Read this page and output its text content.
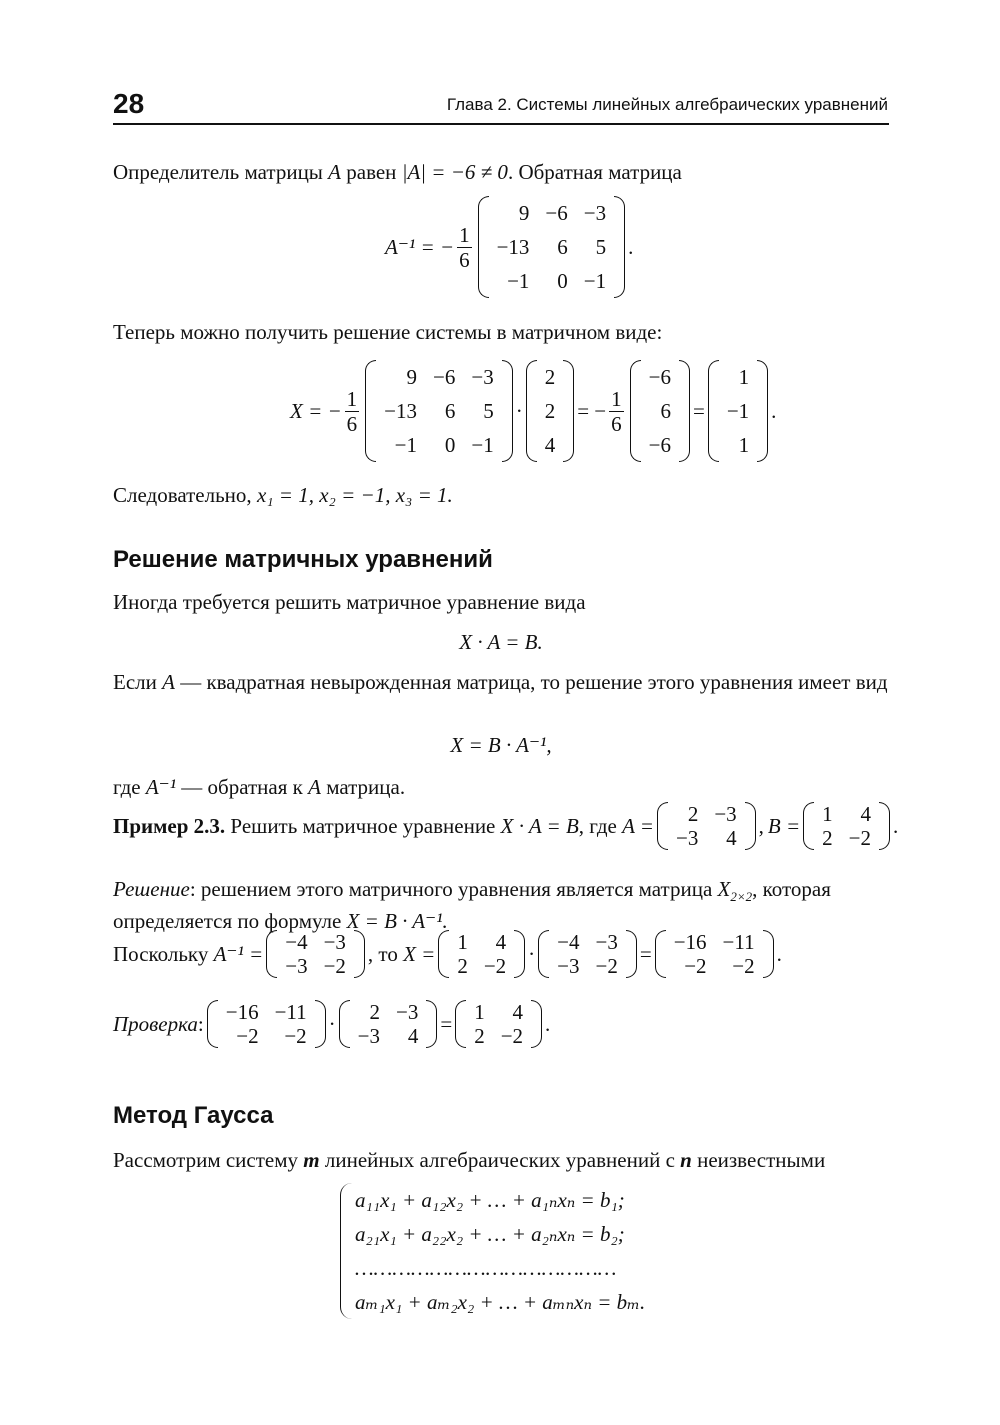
28	Глава 2. Системы линейных алгебраических уравнений
Определитель матрицы A равен |A| = −6 ≠ 0. Обратная матрица
A⁻¹ = − $\frac{1}{6}$
9	−6	−3
−13	6	5
−1	0	−1
.
Теперь можно получить решение системы в матричном виде:
X = − $\frac{1}{6}$
9	−6	−3
−13	6	5
−1	0	−1
·
2
2
4
= − $\frac{1}{6}$
−6
6
−6
=
1
−1
1
.
Следовательно, x₁ = 1, x₂ = −1, x₃ = 1.
Решение матричных уравнений
Иногда требуется решить матричное уравнение вида
X · A = B.
Если A — квадратная невырожденная матрица, то решение этого уравнения имеет вид
X = B · A⁻¹,
где A⁻¹ — обратная к A матрица.
Пример 2.3. Решить матричное уравнение X · A = B , где A = 2	−3
−3	4
, B = 1	4
2	−2
.
Решение: решением этого матричного уравнения является матрица $X_{2\times 2}$, которая определяется по формуле X = B · A⁻¹.
Поскольку A⁻¹ = −4	−3
−3	−2
, то X = 1	4
2	−2
· −4	−3
−3	−2
= −16	−11
−2	−2
.
Проверка : −16	−11
−2	−2
· 2	−3
−3	4
= 1	4
2	−2
.
Метод Гаусса
Рассмотрим систему m линейных алгебраических уравнений с n неизвестными
a₁₁x₁ + a₁₂x₂ + … + a₁ₙxₙ = b₁;
a₂₁x₁ + a₂₂x₂ + … + a₂ₙxₙ = b₂;
……………………………………
aₘ₁x₁ + aₘ₂x₂ + … + aₘₙxₙ = bₘ.
